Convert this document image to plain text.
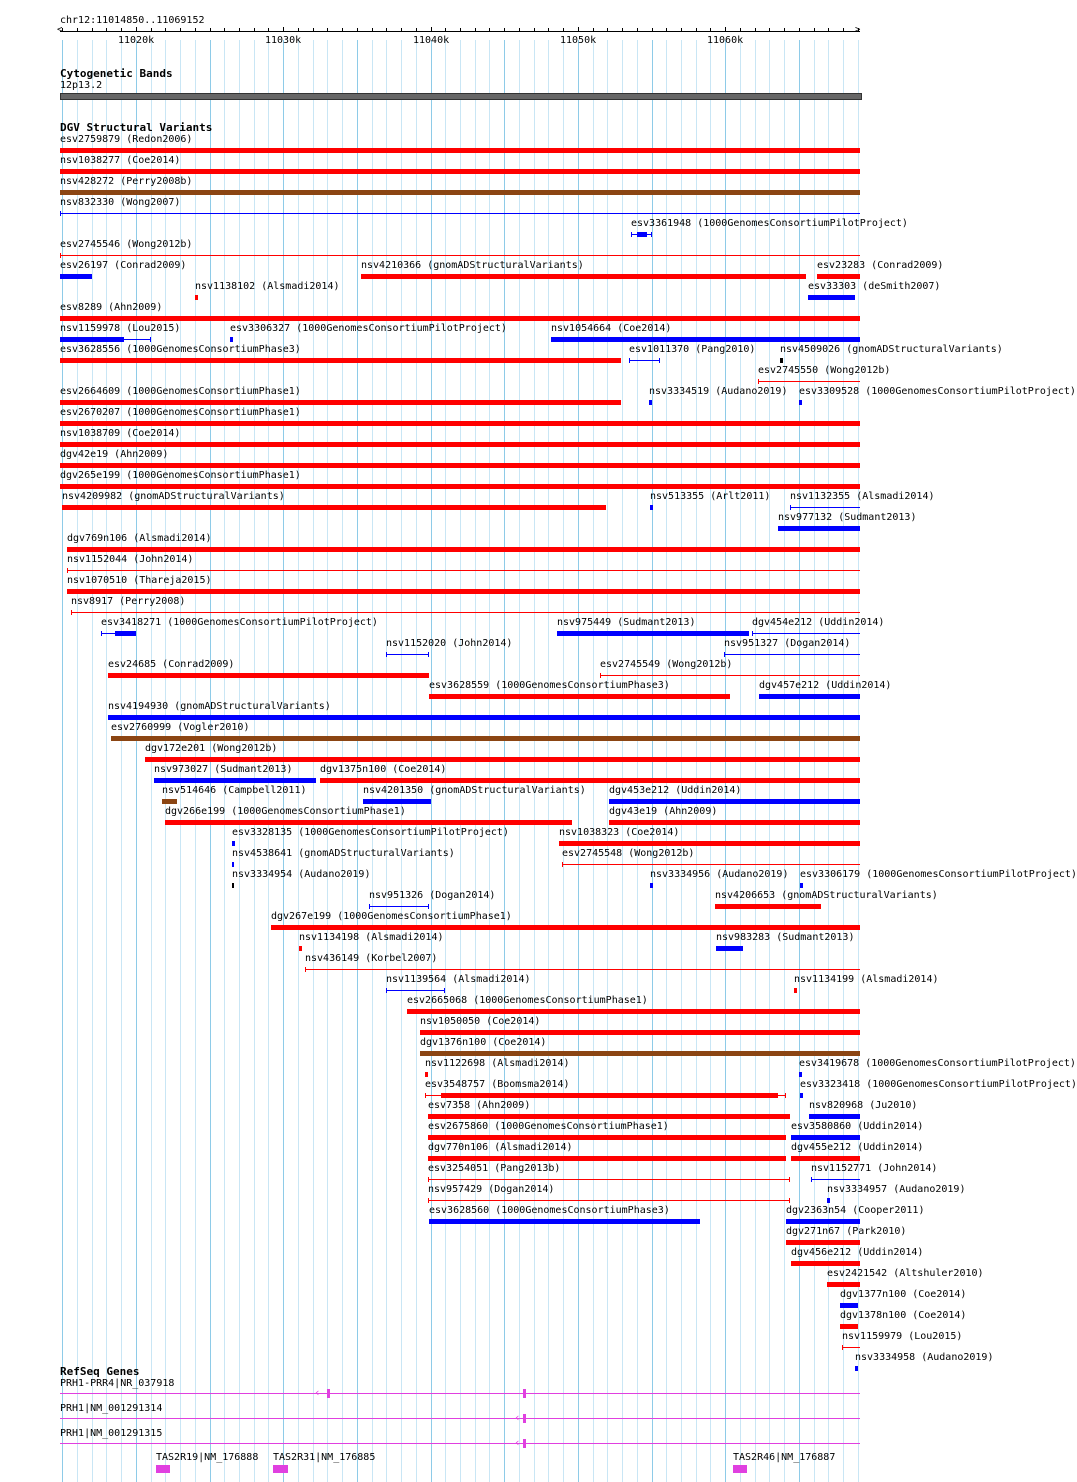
chr12:11014850..11069152
<	>
11020k	11030k	11040k	11050k	11060k
Cytogenetic Bands
12p13.2
DGV Structural Variants
esv2759879 (Redon2006)
nsv1038277 (Coe2014)
nsv428272 (Perry2008b)
nsv832330 (Wong2007)
esv3361948 (1000GenomesConsortiumPilotProject)
esv2745546 (Wong2012b)
esv26197 (Conrad2009)
nsv1138102 (Alsmadi2014)
nsv4210366 (gnomADStructuralVariants)
esv33303 (deSmith2007)
esv8289 (Ahn2009)
nsv1159978 (Lou2015)	esv3306327 (1000GenomesConsortiumPilotProject)	nsv1054664 (Coe2014)
esv3628556 (1000GenomesConsortiumPhase3)	esv1011370 (Pang2010)
esv2745550 (Wong2012b)
esv2664609 (1000GenomesConsortiumPhase1)	nsv3334519 (Audano2019)
nsv4509026 (gnomADStructuralVariants)
esv2670207 (1000GenomesConsortiumPhase1)
nsv1038709 (Coe2014)
dgv42e19 (Ahn2009)
dgv265e199 (1000GenomesConsortiumPhase1)
nsv4209982 (gnomADStructuralVariants)	nsv513355 (Arlt2011)
nsv977132 (Sudmant2013)
dgv769n106 (Alsmadi2014)
nsv1152044 (John2014)
nsv1070510 (Thareja2015)
nsv8917 (Perry2008)
esv3418271 (1000GenomesConsortiumPilotProject)
nsv1152020 (John2014)
nsv975449 (Sudmant2013)	dgv454e212 (Uddin2014)
esv24685 (Conrad2009)
esv3628559 (1000GenomesConsortiumPhase3)
nsv951327 (Dogan2014)
nsv4194930 (gnomADStructuralVariants)
esv2760999 (Vogler2010)
dgv172e201 (Wong2012b)
nsv973027 (Sudmant2013)	dgv1375n100 (Coe2014)
nsv514646 (Campbell2011)	nsv4201350 (gnomADStructuralVariants)
esv2745549 (Wong2012b)
dgv266e199 (1000GenomesConsortiumPhase1)
dgv453e212 (Uddin2014)
esv3328135 (1000GenomesConsortiumPilotProject)	nsv1038323 (Coe2014)
nsv4538641 (gnomADStructuralVariants)	esv2745548 (Wong2012b)
nsv3334954 (Audano2019)
nsv951326 (Dogan2014)
dgv43e19 (Ahn2009)
dgv267e199 (1000GenomesConsortiumPhase1)
dgv457e212 (Uddin2014)
nsv1134198 (Alsmadi2014)
nsv3334956 (Audano2019)
esv23283 (Conrad2009)
nsv436149 (Korbel2007)
nsv1139564 (Alsmadi2014)
nsv4206653 (gnomADStructuralVariants)
esv2665068 (1000GenomesConsortiumPhase1)
nsv1050050 (Coe2014)
dgv1376n100 (Coe2014)
nsv1122698 (Alsmadi2014)
nsv983283 (Sudmant2013)
esv3548757 (Boomsma2014)
nsv1132355 (Alsmadi2014)
esv7358 (Ahn2009)
nsv1134199 (Alsmadi2014)
esv2675860 (1000GenomesConsortiumPhase1)
esv3309528 (1000GenomesConsortiumPilotProject)
dgv770n106 (Alsmadi2014)
esv3419678 (1000GenomesConsortiumPilotProject)
esv3254051 (Pang2013b)
esv3306179 (1000GenomesConsortiumPilotProject)
nsv957429 (Dogan2014)
esv3323418 (1000GenomesConsortiumPilotProject)
esv3628560 (1000GenomesConsortiumPhase3)	dgv2363n54 (Cooper2011)
dgv271n67 (Park2010)
esv3580860 (Uddin2014)
dgv455e212 (Uddin2014)
dgv456e212 (Uddin2014)
nsv820968 (Ju2010)
nsv1152771 (John2014)
nsv3334957 (Audano2019)
esv2421542 (Altshuler2010)
dgv1377n100 (Coe2014)
dgv1378n100 (Coe2014)
nsv1159979 (Lou2015)
nsv3334958 (Audano2019)
RefSeq Genes
PRH1-PRR4|NR_037918
‹
PRH1|NM_001291314
‹
PRH1|NM_001291315
‹
TAS2R19|NM_176888 TAS2R31|NM_176885	TAS2R46|NM_176887
